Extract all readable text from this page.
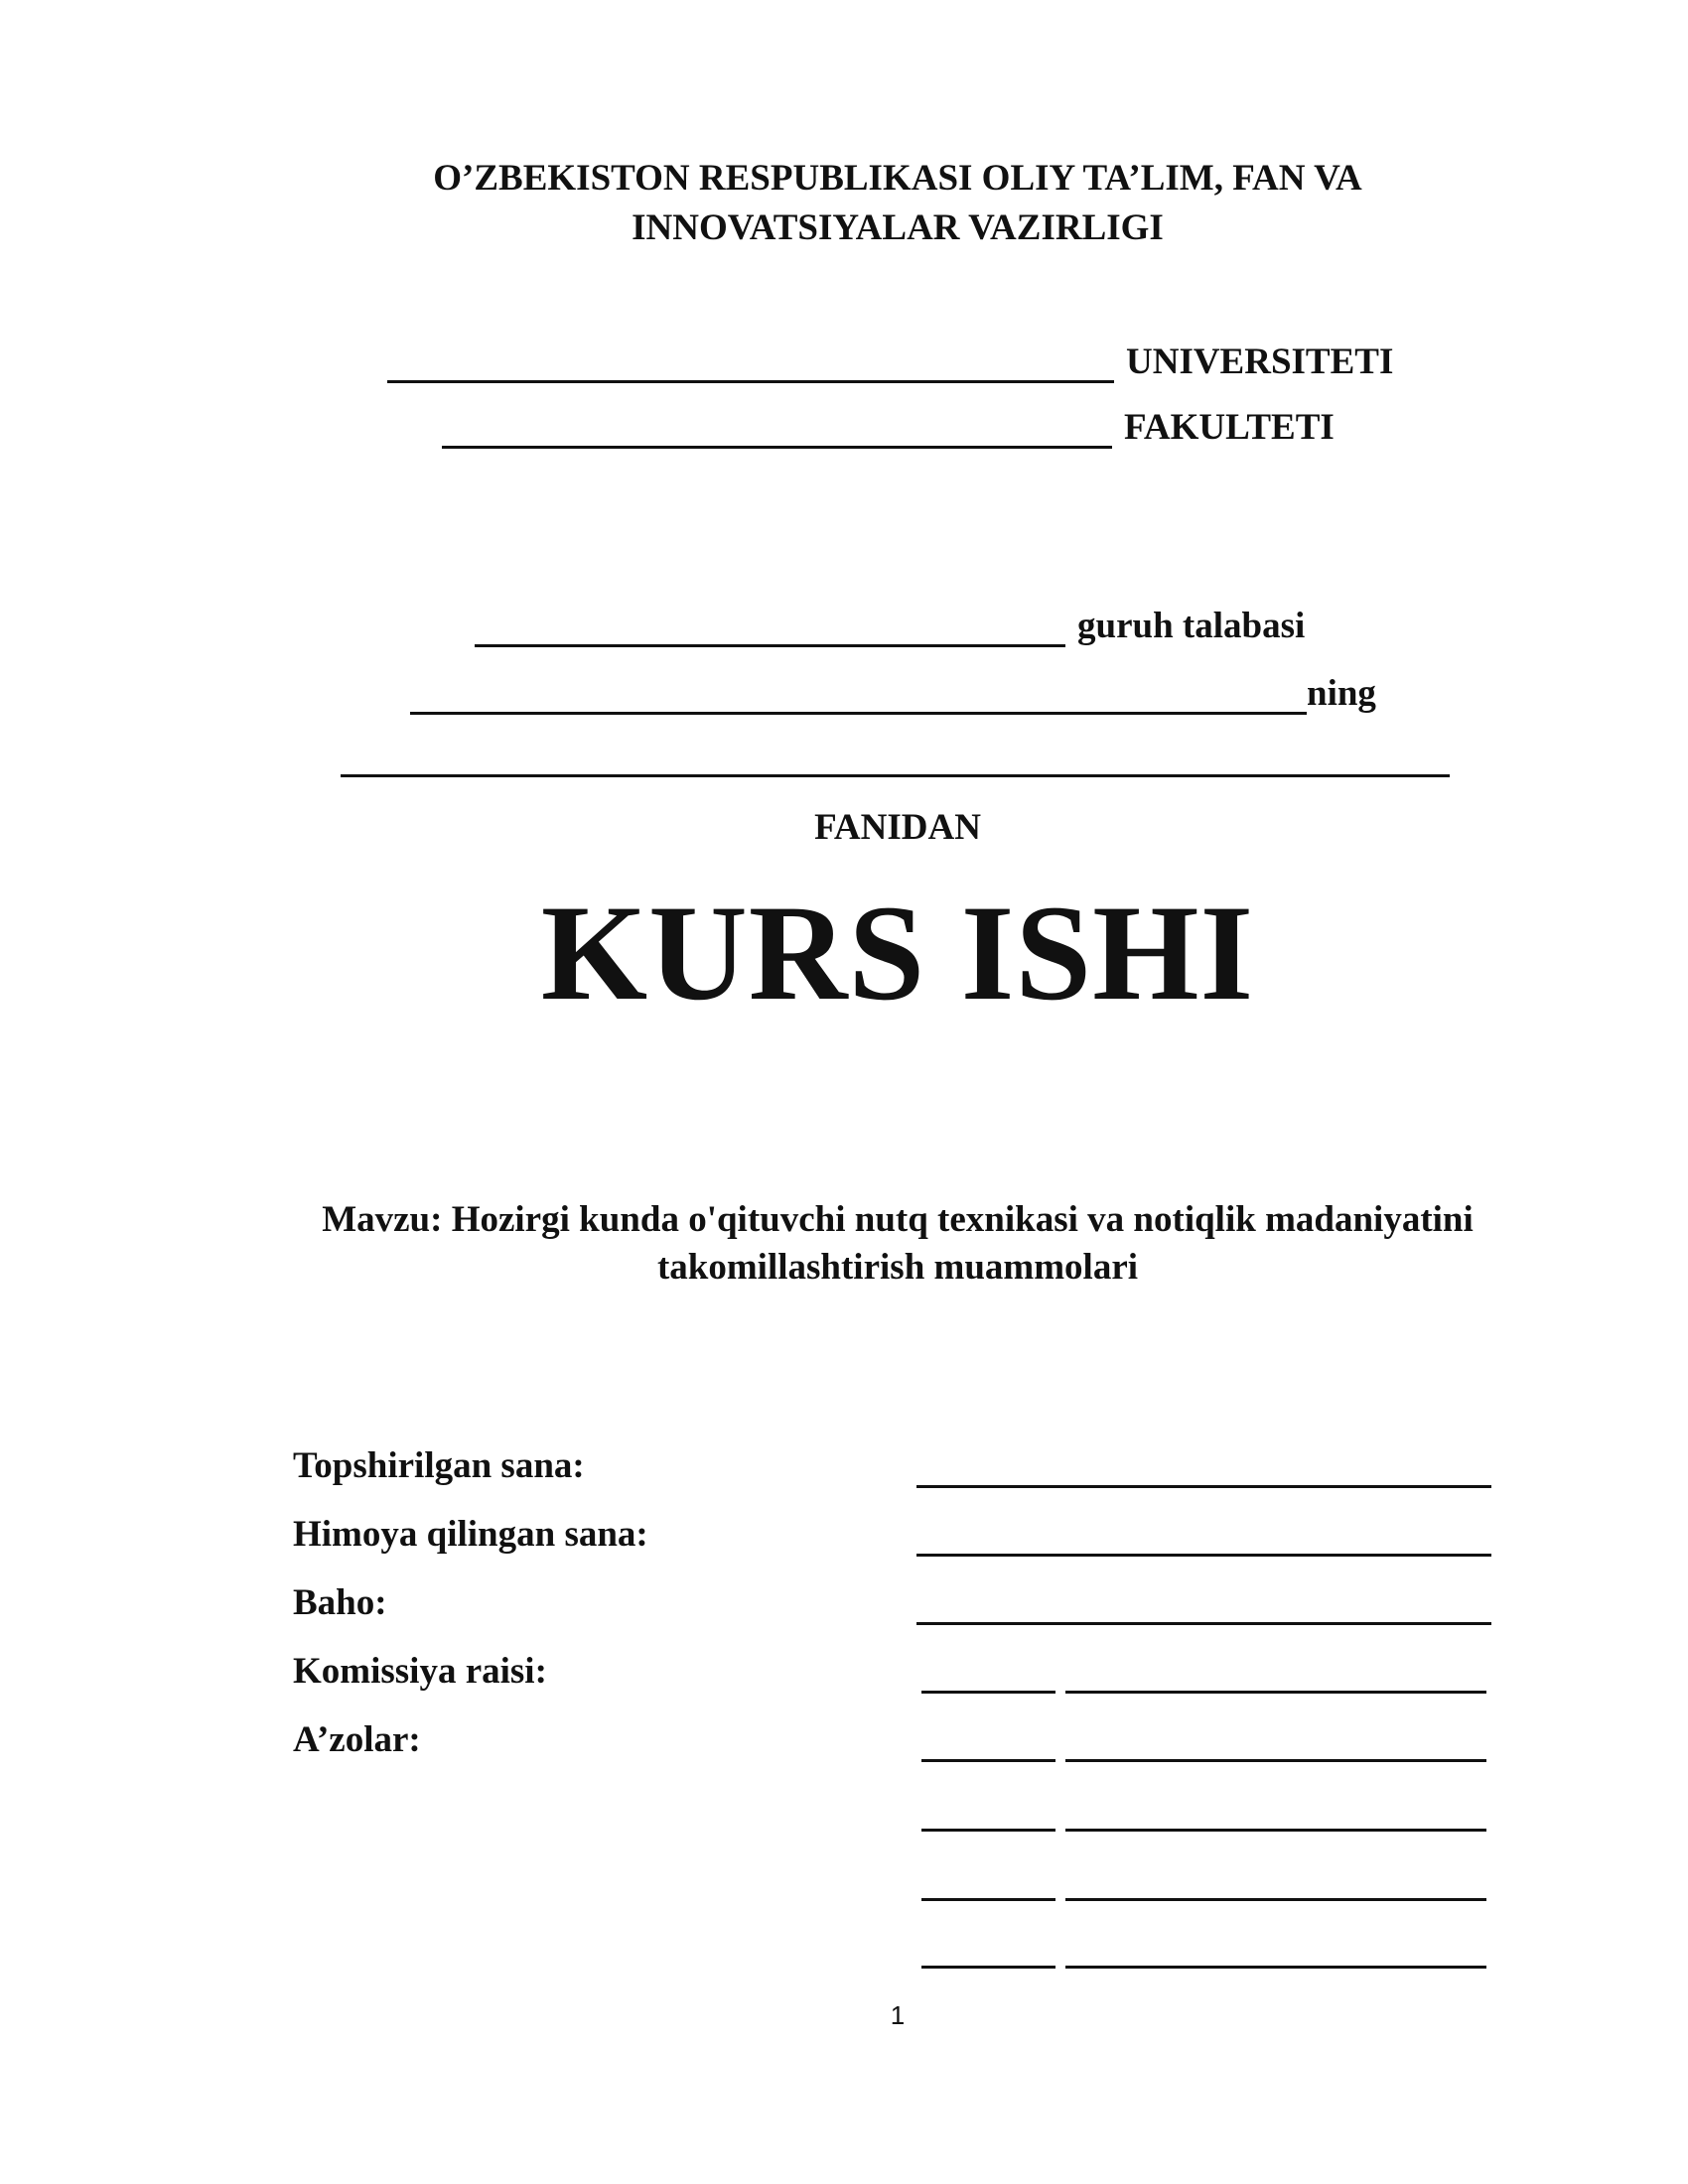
O’ZBEKISTON RESPUBLIKASI OLIY TA’LIM, FAN VA
INNOVATSIYALAR VAZIRLIGI
UNIVERSITETI
FAKULTETI
guruh talabasi
ning
FANIDAN
KURS ISHI
Mavzu: Hozirgi kunda o'qituvchi nutq texnikasi va notiqlik madaniyatini
takomillashtirish muammolari
Topshirilgan sana:
Himoya qilingan sana:
Baho:
Komissiya raisi:
A’zolar:
1
